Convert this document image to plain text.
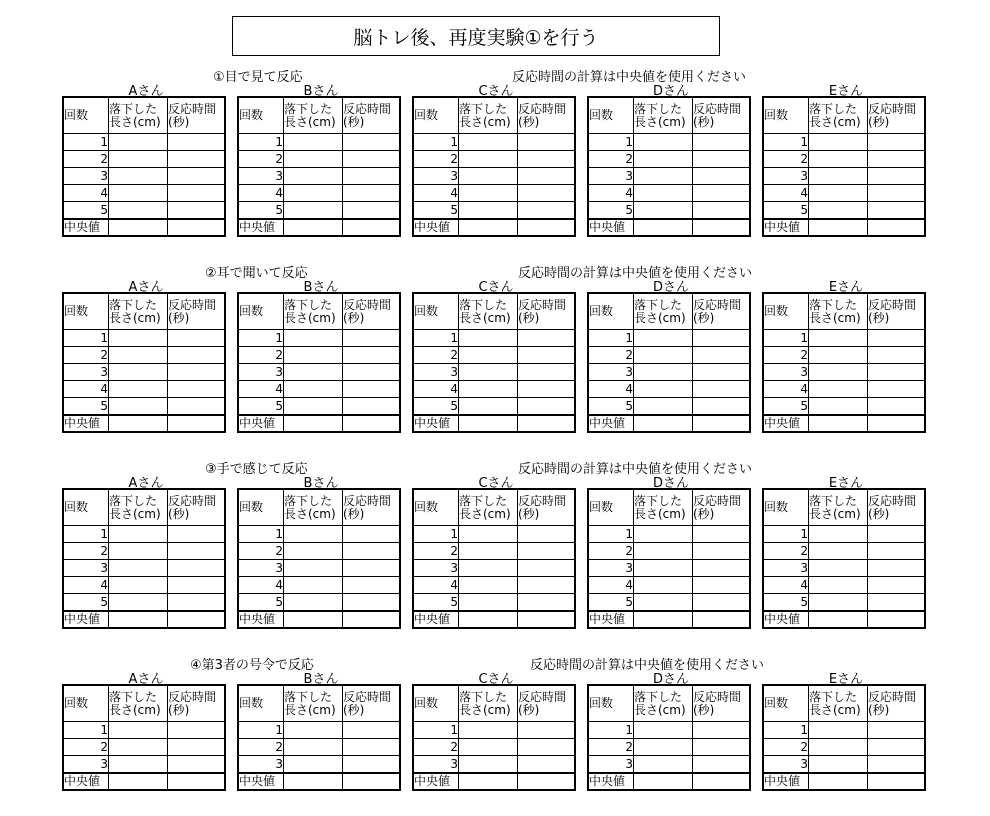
脳トレ後、再度実験①を行う
①目で見て反応	反応時間の計算は中央値を使用ください
Aさん
回数	落下した長さ(cm)	反応時間(秒)
1		
2		
3		
4		
5		
中央値		
Bさん
回数	落下した長さ(cm)	反応時間(秒)
1		
2		
3		
4		
5		
中央値		
Cさん
回数	落下した長さ(cm)	反応時間(秒)
1		
2		
3		
4		
5		
中央値		
Dさん
回数	落下した長さ(cm)	反応時間(秒)
1		
2		
3		
4		
5		
中央値		
Eさん
回数	落下した長さ(cm)	反応時間(秒)
1		
2		
3		
4		
5		
中央値		
②耳で聞いて反応	反応時間の計算は中央値を使用ください
Aさん
回数	落下した長さ(cm)	反応時間(秒)
1		
2		
3		
4		
5		
中央値		
Bさん
回数	落下した長さ(cm)	反応時間(秒)
1		
2		
3		
4		
5		
中央値		
Cさん
回数	落下した長さ(cm)	反応時間(秒)
1		
2		
3		
4		
5		
中央値		
Dさん
回数	落下した長さ(cm)	反応時間(秒)
1		
2		
3		
4		
5		
中央値		
Eさん
回数	落下した長さ(cm)	反応時間(秒)
1		
2		
3		
4		
5		
中央値		
③手で感じて反応	反応時間の計算は中央値を使用ください
Aさん
回数	落下した長さ(cm)	反応時間(秒)
1		
2		
3		
4		
5		
中央値		
Bさん
回数	落下した長さ(cm)	反応時間(秒)
1		
2		
3		
4		
5		
中央値		
Cさん
回数	落下した長さ(cm)	反応時間(秒)
1		
2		
3		
4		
5		
中央値		
Dさん
回数	落下した長さ(cm)	反応時間(秒)
1		
2		
3		
4		
5		
中央値		
Eさん
回数	落下した長さ(cm)	反応時間(秒)
1		
2		
3		
4		
5		
中央値		
④第3者の号令で反応	反応時間の計算は中央値を使用ください
Aさん
回数	落下した長さ(cm)	反応時間(秒)
1		
2		
3		
中央値		
Bさん
回数	落下した長さ(cm)	反応時間(秒)
1		
2		
3		
中央値		
Cさん
回数	落下した長さ(cm)	反応時間(秒)
1		
2		
3		
中央値		
Dさん
回数	落下した長さ(cm)	反応時間(秒)
1		
2		
3		
中央値		
Eさん
回数	落下した長さ(cm)	反応時間(秒)
1		
2		
3		
中央値		
